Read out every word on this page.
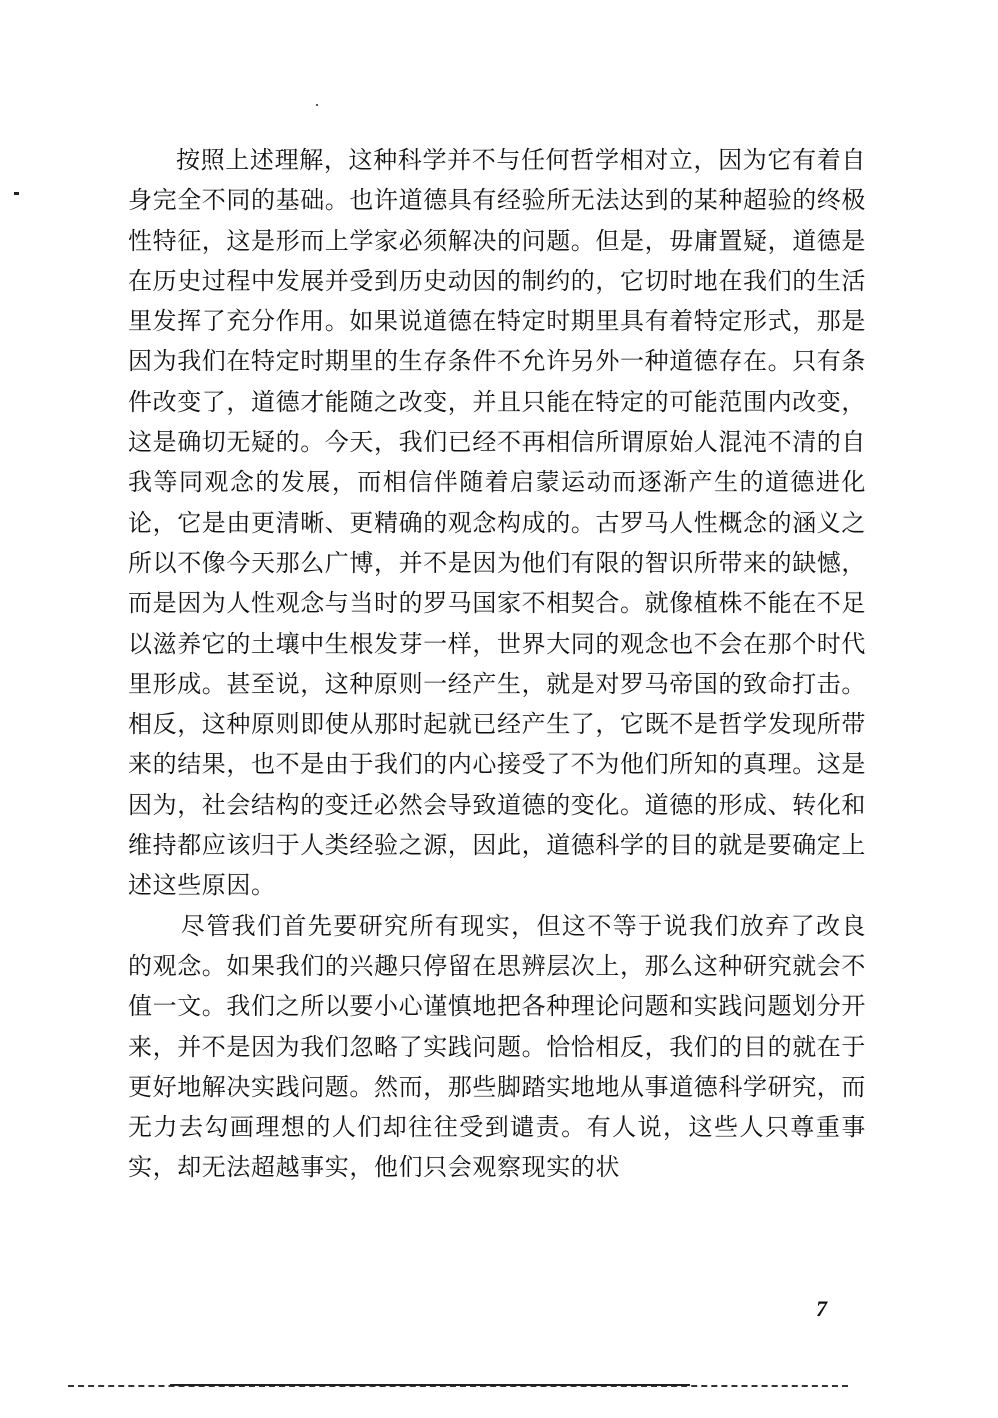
按照上述理解，这种科学并不与任何哲学相对立，因为它有着自身完全不同的基础。也许道德具有经验所无法达到的某种超验的终极性特征，这是形而上学家必须解决的问题。但是，毋庸置疑，道德是在历史过程中发展并受到历史动因的制约的，它切时地在我们的生活里发挥了充分作用。如果说道德在特定时期里具有着特定形式，那是因为我们在特定时期里的生存条件不允许另外一种道德存在。只有条件改变了，道德才能随之改变，并且只能在特定的可能范围内改变，这是确切无疑的。今天，我们已经不再相信所谓原始人混沌不清的自我等同观念的发展，而相信伴随着启蒙运动而逐渐产生的道德进化论，它是由更清晰、更精确的观念构成的。古罗马人性概念的涵义之所以不像今天那么广博，并不是因为他们有限的智识所带来的缺憾，而是因为人性观念与当时的罗马国家不相契合。就像植株不能在不足以滋养它的土壤中生根发芽一样，世界大同的观念也不会在那个时代里形成。甚至说，这种原则一经产生，就是对罗马帝国的致命打击。相反，这种原则即使从那时起就已经产生了，它既不是哲学发现所带来的结果，也不是由于我们的内心接受了不为他们所知的真理。这是因为，社会结构的变迁必然会导致道德的变化。道德的形成、转化和维持都应该归于人类经验之源，因此，道德科学的目的就是要确定上述这些原因。

尽管我们首先要研究所有现实，但这不等于说我们放弃了改良的观念。如果我们的兴趣只停留在思辨层次上，那么这种研究就会不值一文。我们之所以要小心谨慎地把各种理论问题和实践问题划分开来，并不是因为我们忽略了实践问题。恰恰相反，我们的目的就在于更好地解决实践问题。然而，那些脚踏实地地从事道德科学研究，而无力去勾画理想的人们却往往受到谴责。有人说，这些人只尊重事实，却无法超越事实，他们只会观察现实的状

7
